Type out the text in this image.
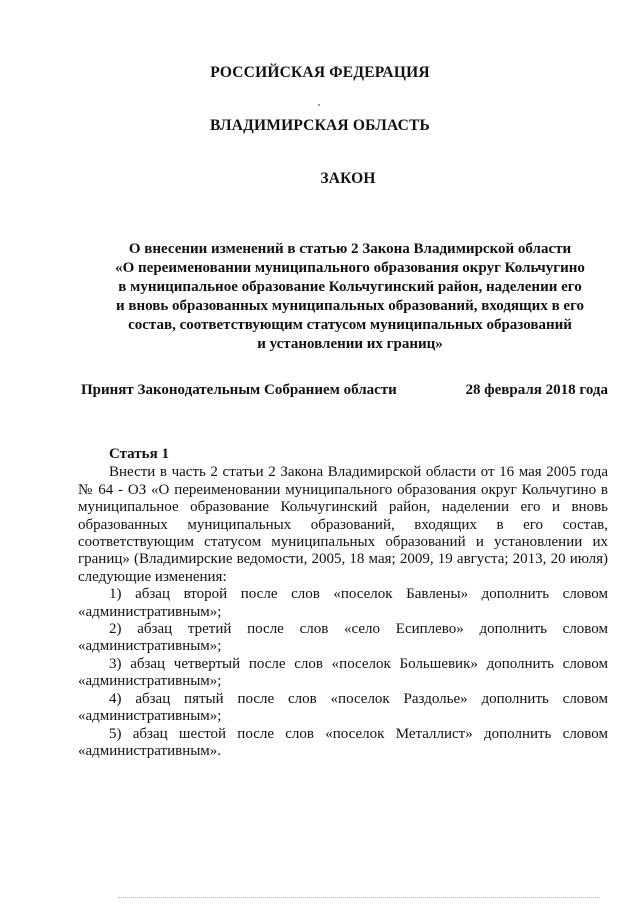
РОССИЙСКАЯ ФЕДЕРАЦИЯ
ВЛАДИМИРСКАЯ ОБЛАСТЬ
ЗАКОН
О внесении изменений в статью 2 Закона Владимирской области
«О переименовании муниципального образования округ Кольчугино
в муниципальное образование Кольчугинский район, наделении его
и вновь образованных муниципальных образований, входящих в его
состав, соответствующим статусом муниципальных образований
и установлении их границ»
Принят Законодательным Собранием области	28 февраля 2018 года
Статья 1

Внести в часть 2 статьи 2 Закона Владимирской области от 16 мая 2005 года № 64 - ОЗ «О переименовании муниципального образования округ Кольчугино в муниципальное образование Кольчугинский район, наделении его и вновь образованных муниципальных образований, входящих в его состав, соответствующим статусом муниципальных образований и установлении их границ» (Владимирские ведомости, 2005, 18 мая; 2009, 19 августа; 2013, 20 июля) следующие изменения:

1) абзац второй после слов «поселок Бавлены» дополнить словом «административным»;

2) абзац третий после слов «село Есиплево» дополнить словом «административным»;

3) абзац четвертый после слов «поселок Большевик» дополнить словом «административным»;

4) абзац пятый после слов «поселок Раздолье» дополнить словом «административным»;

5) абзац шестой после слов «поселок Металлист» дополнить словом «административным».
